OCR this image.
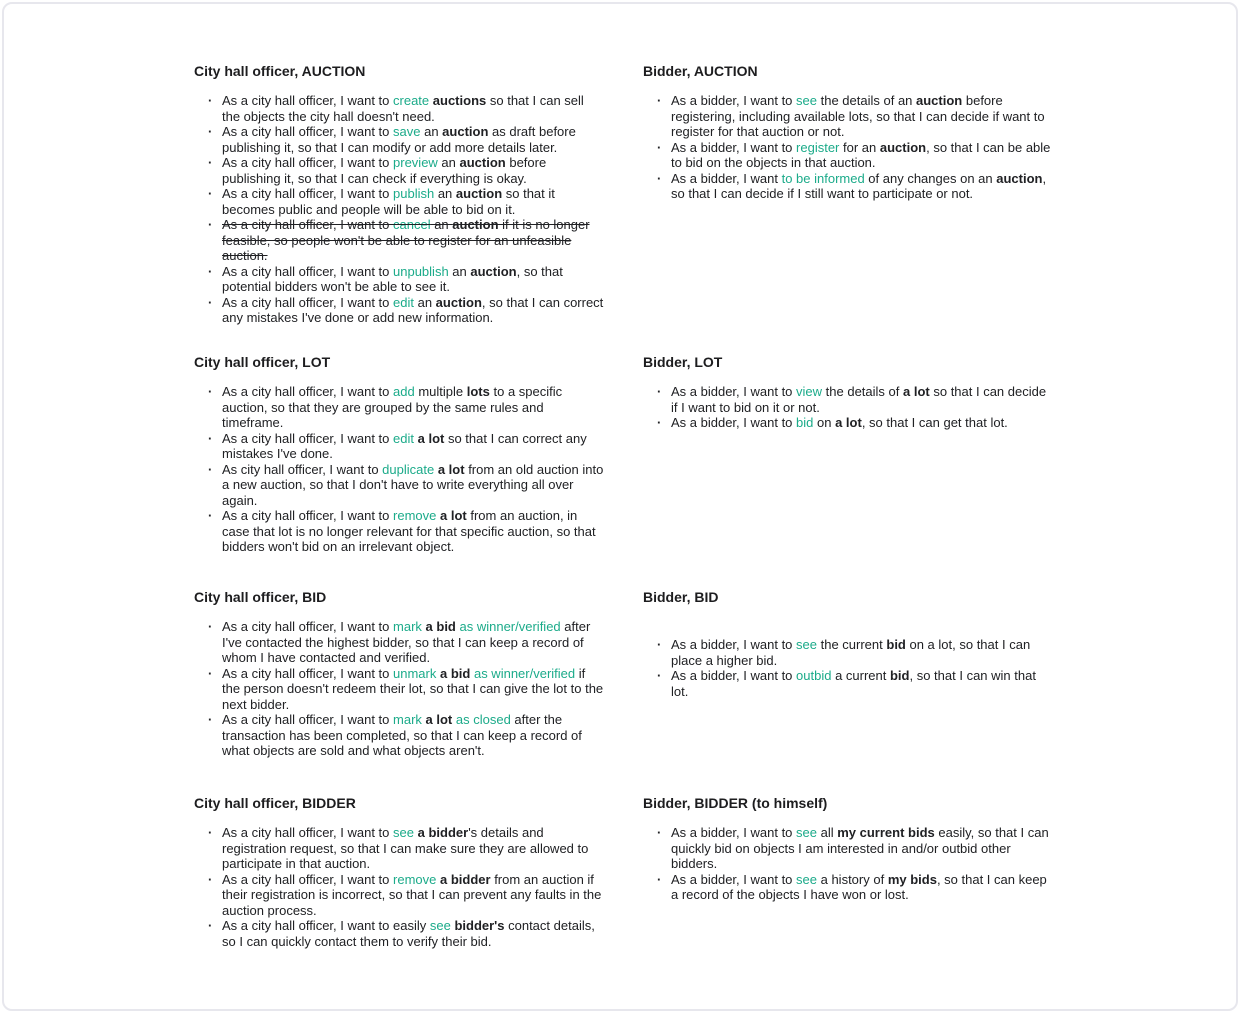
City hall officer, AUCTION
· As a city hall officer, I want to create auctions so that I can sell the objects the city hall doesn't need.
· As a city hall officer, I want to save an auction as draft before publishing it, so that I can modify or add more details later.
· As a city hall officer, I want to preview an auction before publishing it, so that I can check if everything is okay.
· As a city hall officer, I want to publish an auction so that it becomes public and people will be able to bid on it.
· As a city hall officer, I want to cancel an auction if it is no longer feasible, so people won't be able to register for an unfeasible auction.
· As a city hall officer, I want to unpublish an auction, so that potential bidders won't be able to see it.
· As a city hall officer, I want to edit an auction, so that I can correct any mistakes I've done or add new information.
Bidder, AUCTION
· As a bidder, I want to see the details of an auction before registering, including available lots, so that I can decide if want to register for that auction or not.
· As a bidder, I want to register for an auction, so that I can be able to bid on the objects in that auction.
· As a bidder, I want to be informed of any changes on an auction, so that I can decide if I still want to participate or not.
City hall officer, LOT
· As a city hall officer, I want to add multiple lots to a specific auction, so that they are grouped by the same rules and timeframe.
· As a city hall officer, I want to edit a lot so that I can correct any mistakes I've done.
· As city hall officer, I want to duplicate a lot from an old auction into a new auction, so that I don't have to write everything all over again.
· As a city hall officer, I want to remove a lot from an auction, in case that lot is no longer relevant for that specific auction, so that bidders won't bid on an irrelevant object.
Bidder, LOT
· As a bidder, I want to view the details of a lot so that I can decide if I want to bid on it or not.
· As a bidder, I want to bid on a lot, so that I can get that lot.
City hall officer, BID
· As a city hall officer, I want to mark a bid as winner/verified after I've contacted the highest bidder, so that I can keep a record of whom I have contacted and verified.
· As a city hall officer, I want to unmark a bid as winner/verified if the person doesn't redeem their lot, so that I can give the lot to the next bidder.
· As a city hall officer, I want to mark a lot as closed after the transaction has been completed, so that I can keep a record of what objects are sold and what objects aren't.
Bidder, BID
· As a bidder, I want to see the current bid on a lot, so that I can place a higher bid.
· As a bidder, I want to outbid a current bid, so that I can win that lot.
City hall officer, BIDDER
· As a city hall officer, I want to see a bidder's details and registration request, so that I can make sure they are allowed to participate in that auction.
· As a city hall officer, I want to remove a bidder from an auction if their registration is incorrect, so that I can prevent any faults in the auction process.
· As a city hall officer, I want to easily see bidder's contact details, so I can quickly contact them to verify their bid.
Bidder, BIDDER (to himself)
· As a bidder, I want to see all my current bids easily, so that I can quickly bid on objects I am interested in and/or outbid other bidders.
· As a bidder, I want to see a history of my bids, so that I can keep a record of the objects I have won or lost.
